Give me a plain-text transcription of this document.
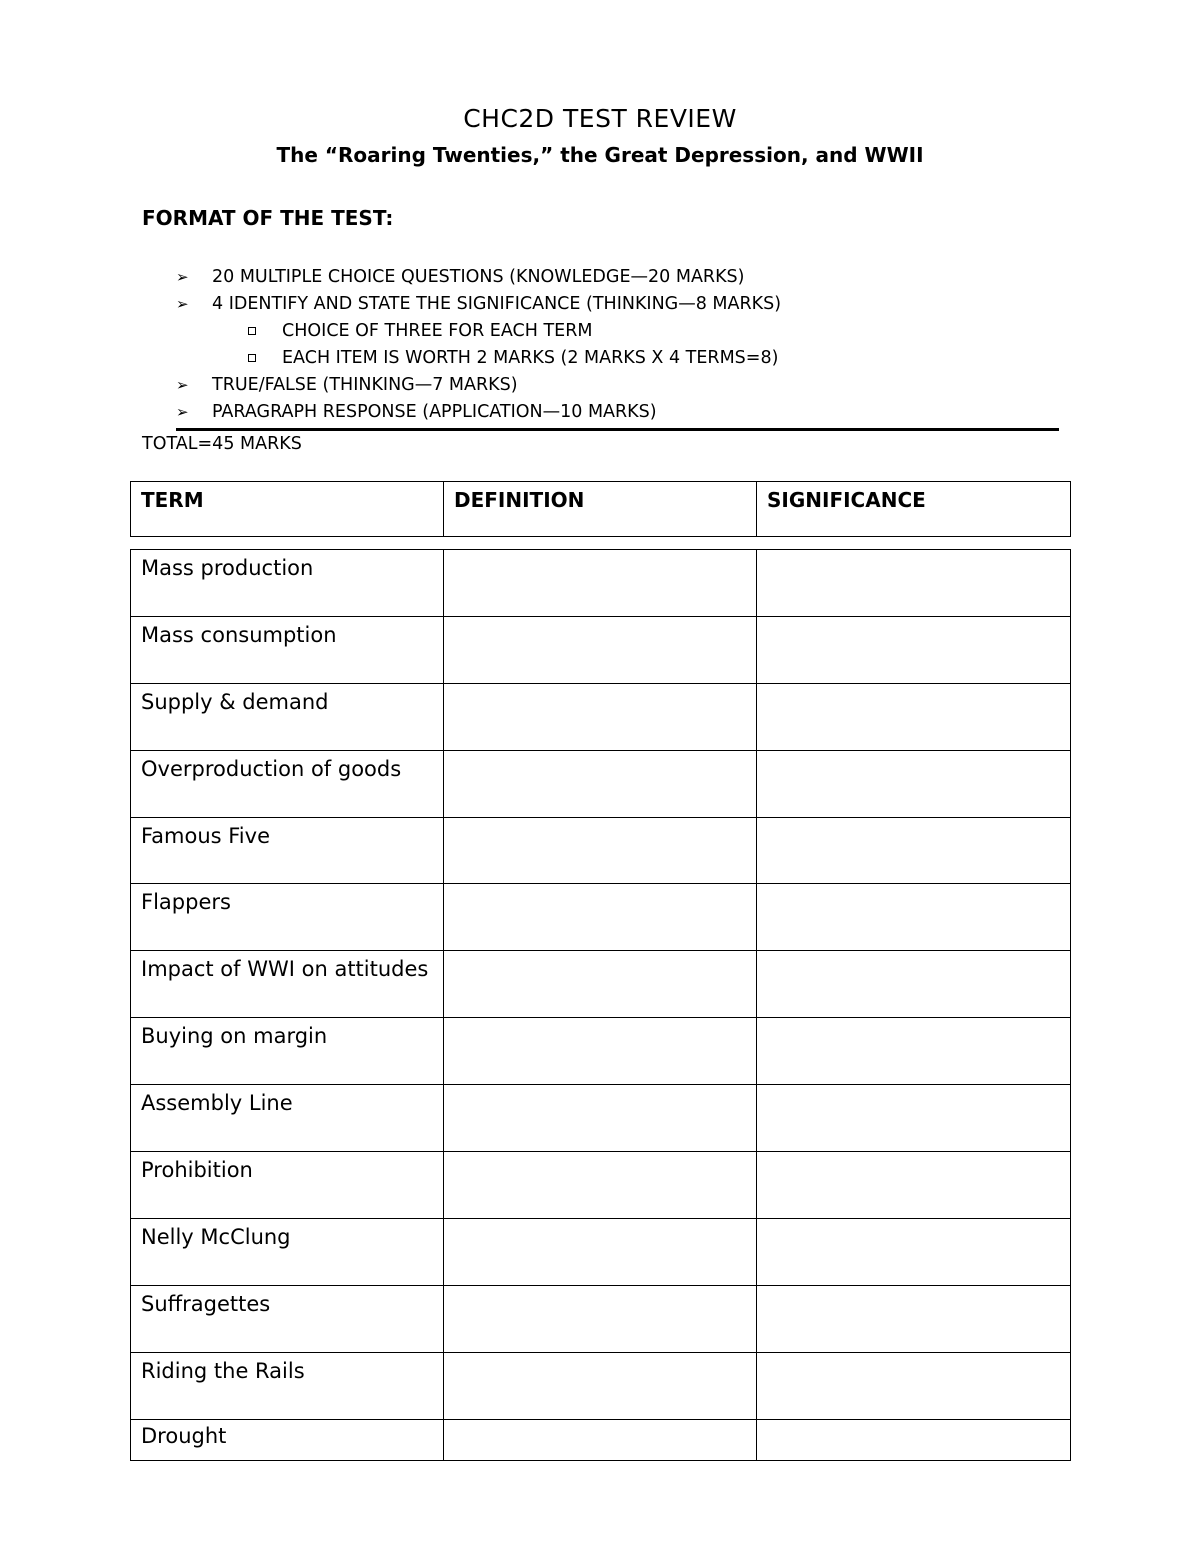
CHC2D TEST REVIEW
The “Roaring Twenties,” the Great Depression, and WWII
FORMAT OF THE TEST:
➢ 20 MULTIPLE CHOICE QUESTIONS (KNOWLEDGE—20 MARKS)
➢ 4 IDENTIFY AND STATE THE SIGNIFICANCE (THINKING—8 MARKS)
CHOICE OF THREE FOR EACH TERM
EACH ITEM IS WORTH 2 MARKS (2 MARKS X 4 TERMS=8)
➢ TRUE/FALSE (THINKING—7 MARKS)
➢ PARAGRAPH RESPONSE (APPLICATION—10 MARKS)
TOTAL=45 MARKS
TERM	DEFINITION	SIGNIFICANCE
Mass production		
Mass consumption		
Supply & demand		
Overproduction of goods		
Famous Five		
Flappers		
Impact of WWI on attitudes		
Buying on margin		
Assembly Line		
Prohibition		
Nelly McClung		
Suffragettes		
Riding the Rails		
Drought		
